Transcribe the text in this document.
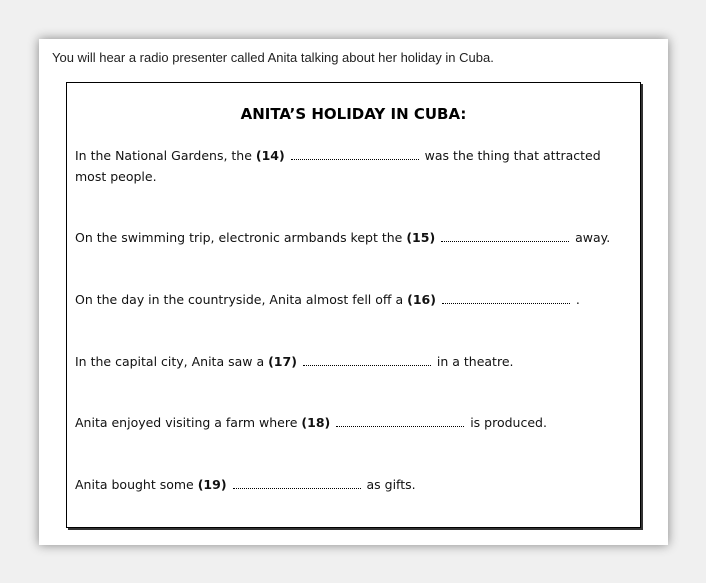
You will hear a radio presenter called Anita talking about her holiday in Cuba.
ANITA’S HOLIDAY IN CUBA:
In the National Gardens, the (14)	was the thing that attracted most people.
On the swimming trip, electronic armbands kept the (15)	away.
On the day in the countryside, Anita almost fell off a (16)	.
In the capital city, Anita saw a (17)	in a theatre.
Anita enjoyed visiting a farm where (18)	is produced.
Anita bought some (19)	as gifts.
